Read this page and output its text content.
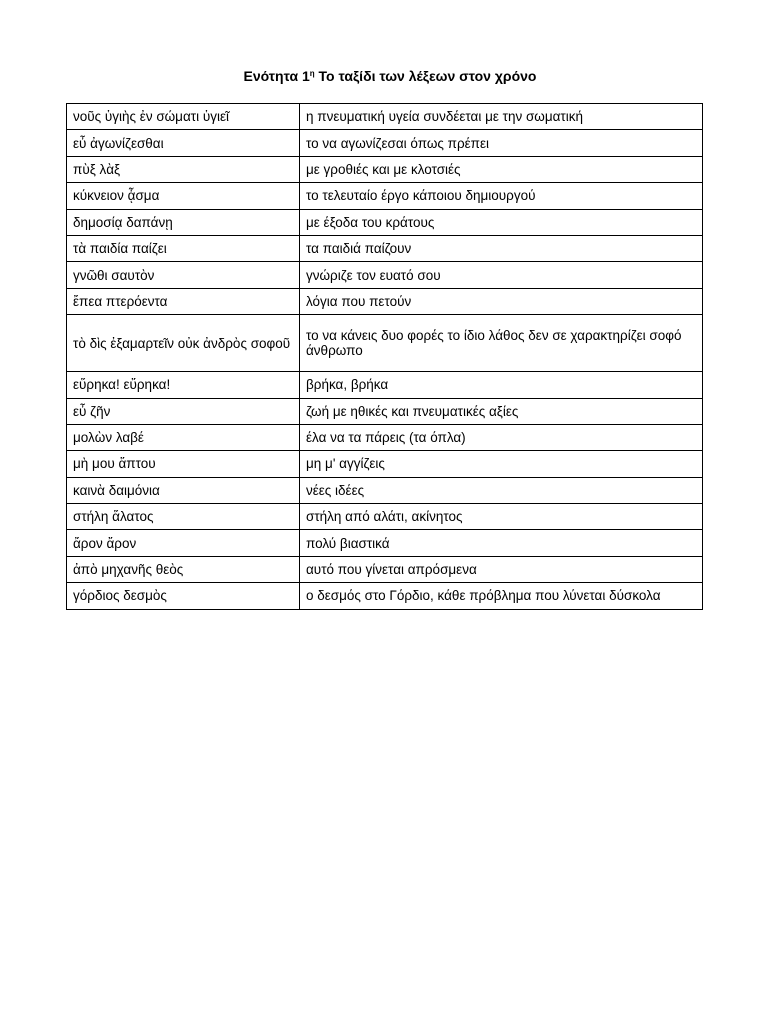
Ενότητα $1^\eta$ Το ταξίδι των λέξεων στον χρόνο
νοῦς ὑγιὴς ἐν σώματι ὑγιεῖ	η πνευματική υγεία συνδέεται με την σωματική
εὖ ἀγωνίζεσθαι	το να αγωνίζεσαι όπως πρέπει
πὺξ λὰξ	με γροθιές και με κλοτσιές
κύκνειον ᾆσμα	το τελευταίο έργο κάποιου δημιουργού
δημοσίᾳ δαπάνῃ	με έξοδα του κράτους
τὰ παιδία παίζει	τα παιδιά παίζουν
γνῶθι σαυτὸν	γνώριζε τον ευατό σου
ἔπεα πτερόεντα	λόγια που πετούν
τὸ δὶς ἐξαμαρτεῖν οὐκ ἀνδρὸς σοφοῦ	το να κάνεις δυο φορές το ίδιο λάθος δεν σε χαρακτηρίζει σοφό άνθρωπο
εὕρηκα! εὕρηκα!	βρήκα, βρήκα
εὖ ζῆν	ζωή με ηθικές και πνευματικές αξίες
μολὼν λαβέ	έλα να τα πάρεις (τα όπλα)
μὴ μου ἅπτου	μη μ' αγγίζεις
καινὰ δαιμόνια	νέες ιδέες
στήλη ἅλατος	στήλη από αλάτι, ακίνητος
ἄρον ἄρον	πολύ βιαστικά
ἀπὸ μηχανῆς θεὸς	αυτό που γίνεται απρόσμενα
γόρδιος δεσμὸς	ο δεσμός στο Γόρδιο, κάθε πρόβλημα που λύνεται δύσκολα
